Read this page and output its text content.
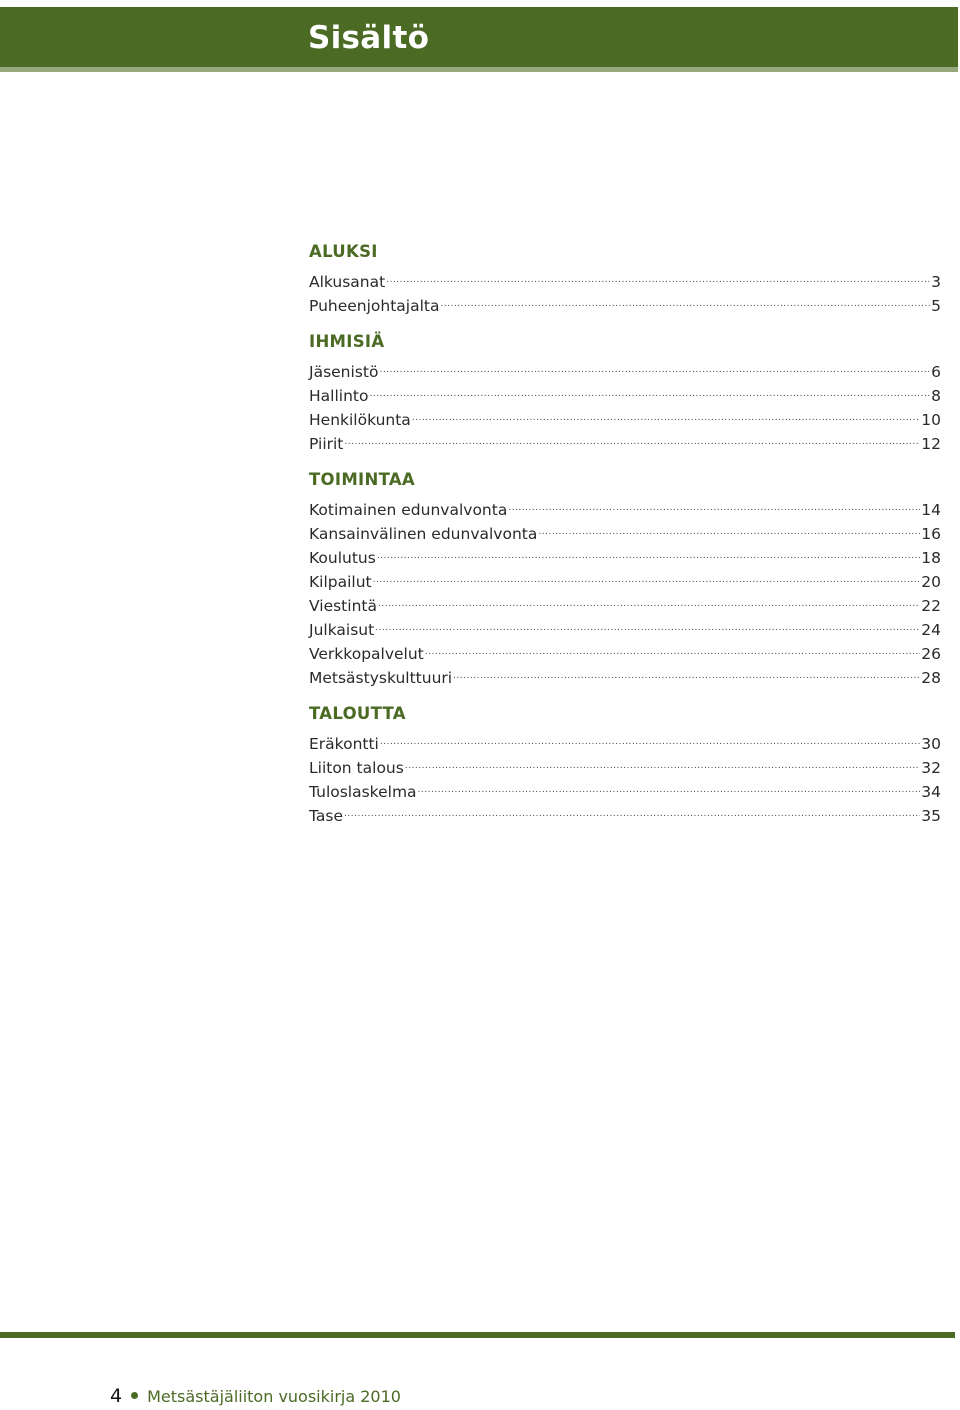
Sisältö
ALUKSI
Alkusanat .....	3
Puheenjohtajalta .....	5
IHMISIÄ
Jäsenistö .....	6
Hallinto .....	8
Henkilökunta .....	10
Piirit .....	12
TOIMINTAA
Kotimainen edunvalvonta .....	14
Kansainvälinen edunvalvonta .....	16
Koulutus .....	18
Kilpailut .....	20
Viestintä .....	22
Julkaisut .....	24
Verkkopalvelut .....	26
Metsästyskulttuuri .....	28
TALOUTTA
Eräkontti .....	30
Liiton talous .....	32
Tuloslaskelma .....	34
Tase .....	35
4 Metsästäjäliiton vuosikirja 2010
